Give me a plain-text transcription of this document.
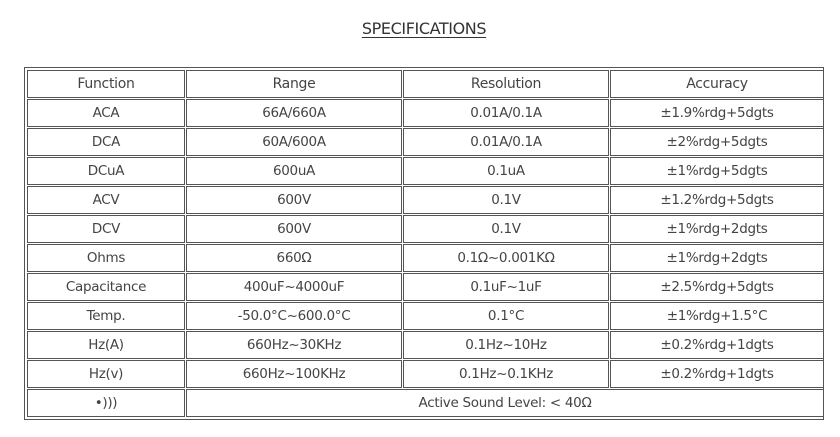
SPECIFICATIONS
Function	Range	Resolution	Accuracy
ACA	66A/660A	0.01A/0.1A	±1.9%rdg+5dgts
DCA	60A/600A	0.01A/0.1A	±2%rdg+5dgts
DCuA	600uA	0.1uA	±1%rdg+5dgts
ACV	600V	0.1V	±1.2%rdg+5dgts
DCV	600V	0.1V	±1%rdg+2dgts
Ohms	660Ω	0.1Ω~0.001KΩ	±1%rdg+2dgts
Capacitance	400uF~4000uF	0.1uF~1uF	±2.5%rdg+5dgts
Temp.	-50.0°C~600.0°C	0.1°C	±1%rdg+1.5°C
Hz(A)	660Hz~30KHz	0.1Hz~10Hz	±0.2%rdg+1dgts
Hz(v)	660Hz~100KHz	0.1Hz~0.1KHz	±0.2%rdg+1dgts
•)))	Active Sound Level: < 40Ω		
